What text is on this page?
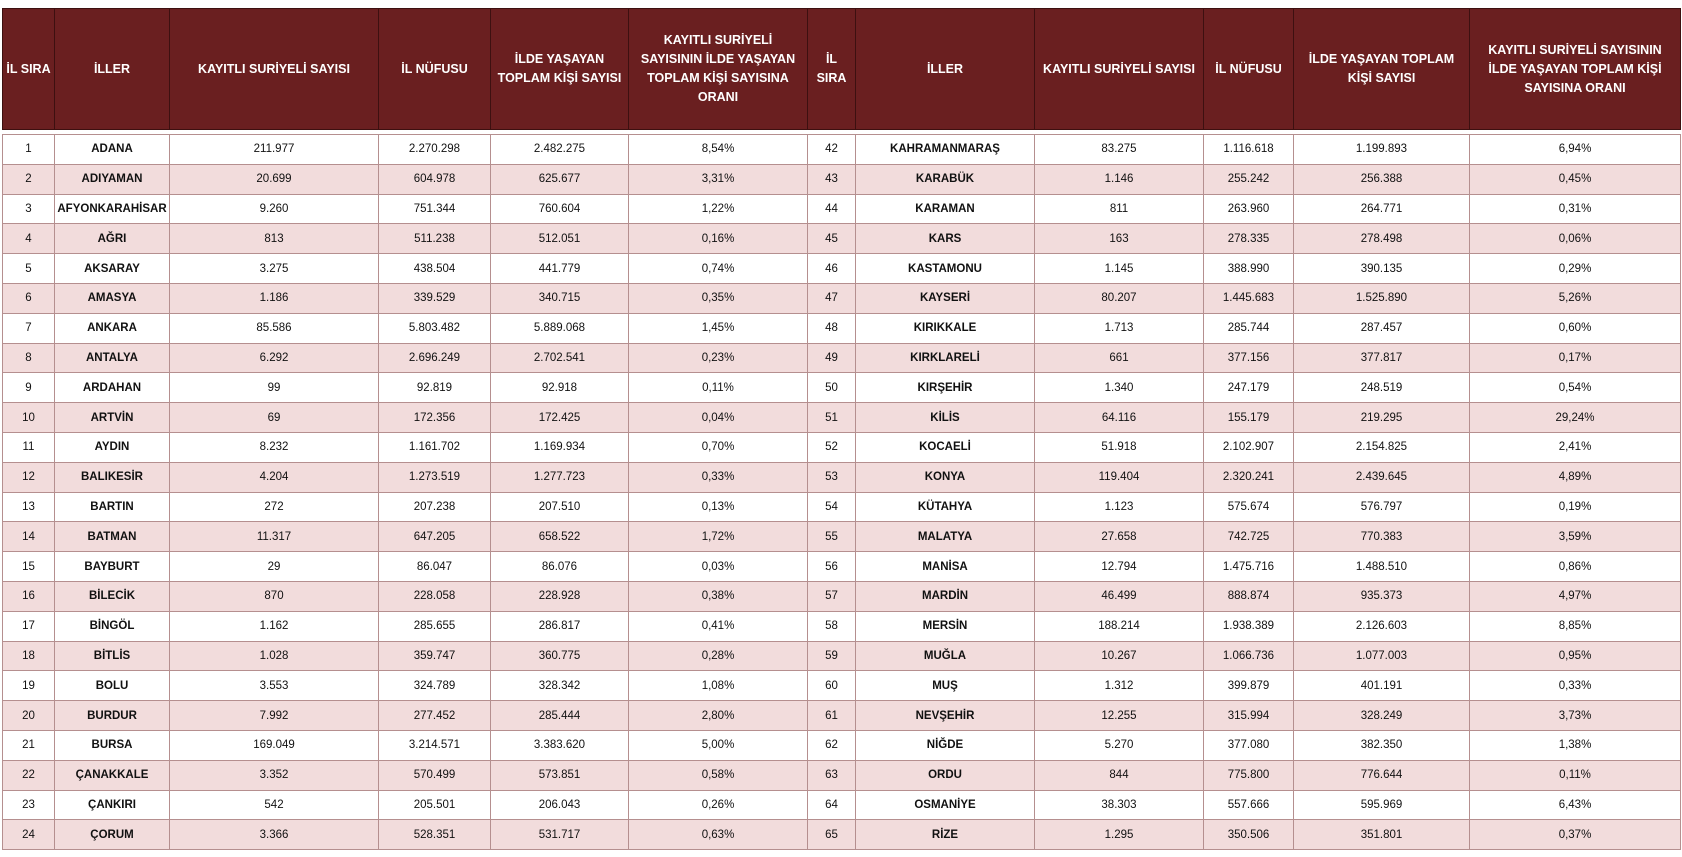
İL SIRA	İLLER	KAYITLI SURİYELİ SAYISI	İL NÜFUSU	İLDE YAŞAYAN TOPLAM KİŞİ SAYISI	KAYITLI SURİYELİ SAYISININ İLDE YAŞAYAN TOPLAM KİŞİ SAYISINA ORANI	İL SIRA	İLLER	KAYITLI SURİYELİ SAYISI	İL NÜFUSU	İLDE YAŞAYAN TOPLAM KİŞİ SAYISI	KAYITLI SURİYELİ SAYISININ İLDE YAŞAYAN TOPLAM KİŞİ SAYISINA ORANI

1	ADANA	211.977	2.270.298	2.482.275	8,54%	42	KAHRAMANMARAŞ	83.275	1.116.618	1.199.893	6,94%
2	ADIYAMAN	20.699	604.978	625.677	3,31%	43	KARABÜK	1.146	255.242	256.388	0,45%
3	AFYONKARAHİSAR	9.260	751.344	760.604	1,22%	44	KARAMAN	811	263.960	264.771	0,31%
4	AĞRI	813	511.238	512.051	0,16%	45	KARS	163	278.335	278.498	0,06%
5	AKSARAY	3.275	438.504	441.779	0,74%	46	KASTAMONU	1.145	388.990	390.135	0,29%
6	AMASYA	1.186	339.529	340.715	0,35%	47	KAYSERİ	80.207	1.445.683	1.525.890	5,26%
7	ANKARA	85.586	5.803.482	5.889.068	1,45%	48	KIRIKKALE	1.713	285.744	287.457	0,60%
8	ANTALYA	6.292	2.696.249	2.702.541	0,23%	49	KIRKLARELİ	661	377.156	377.817	0,17%
9	ARDAHAN	99	92.819	92.918	0,11%	50	KIRŞEHİR	1.340	247.179	248.519	0,54%
10	ARTVİN	69	172.356	172.425	0,04%	51	KİLİS	64.116	155.179	219.295	29,24%
11	AYDIN	8.232	1.161.702	1.169.934	0,70%	52	KOCAELİ	51.918	2.102.907	2.154.825	2,41%
12	BALIKESİR	4.204	1.273.519	1.277.723	0,33%	53	KONYA	119.404	2.320.241	2.439.645	4,89%
13	BARTIN	272	207.238	207.510	0,13%	54	KÜTAHYA	1.123	575.674	576.797	0,19%
14	BATMAN	11.317	647.205	658.522	1,72%	55	MALATYA	27.658	742.725	770.383	3,59%
15	BAYBURT	29	86.047	86.076	0,03%	56	MANİSA	12.794	1.475.716	1.488.510	0,86%
16	BİLECİK	870	228.058	228.928	0,38%	57	MARDİN	46.499	888.874	935.373	4,97%
17	BİNGÖL	1.162	285.655	286.817	0,41%	58	MERSİN	188.214	1.938.389	2.126.603	8,85%
18	BİTLİS	1.028	359.747	360.775	0,28%	59	MUĞLA	10.267	1.066.736	1.077.003	0,95%
19	BOLU	3.553	324.789	328.342	1,08%	60	MUŞ	1.312	399.879	401.191	0,33%
20	BURDUR	7.992	277.452	285.444	2,80%	61	NEVŞEHİR	12.255	315.994	328.249	3,73%
21	BURSA	169.049	3.214.571	3.383.620	5,00%	62	NİĞDE	5.270	377.080	382.350	1,38%
22	ÇANAKKALE	3.352	570.499	573.851	0,58%	63	ORDU	844	775.800	776.644	0,11%
23	ÇANKIRI	542	205.501	206.043	0,26%	64	OSMANİYE	38.303	557.666	595.969	6,43%
24	ÇORUM	3.366	528.351	531.717	0,63%	65	RİZE	1.295	350.506	351.801	0,37%
